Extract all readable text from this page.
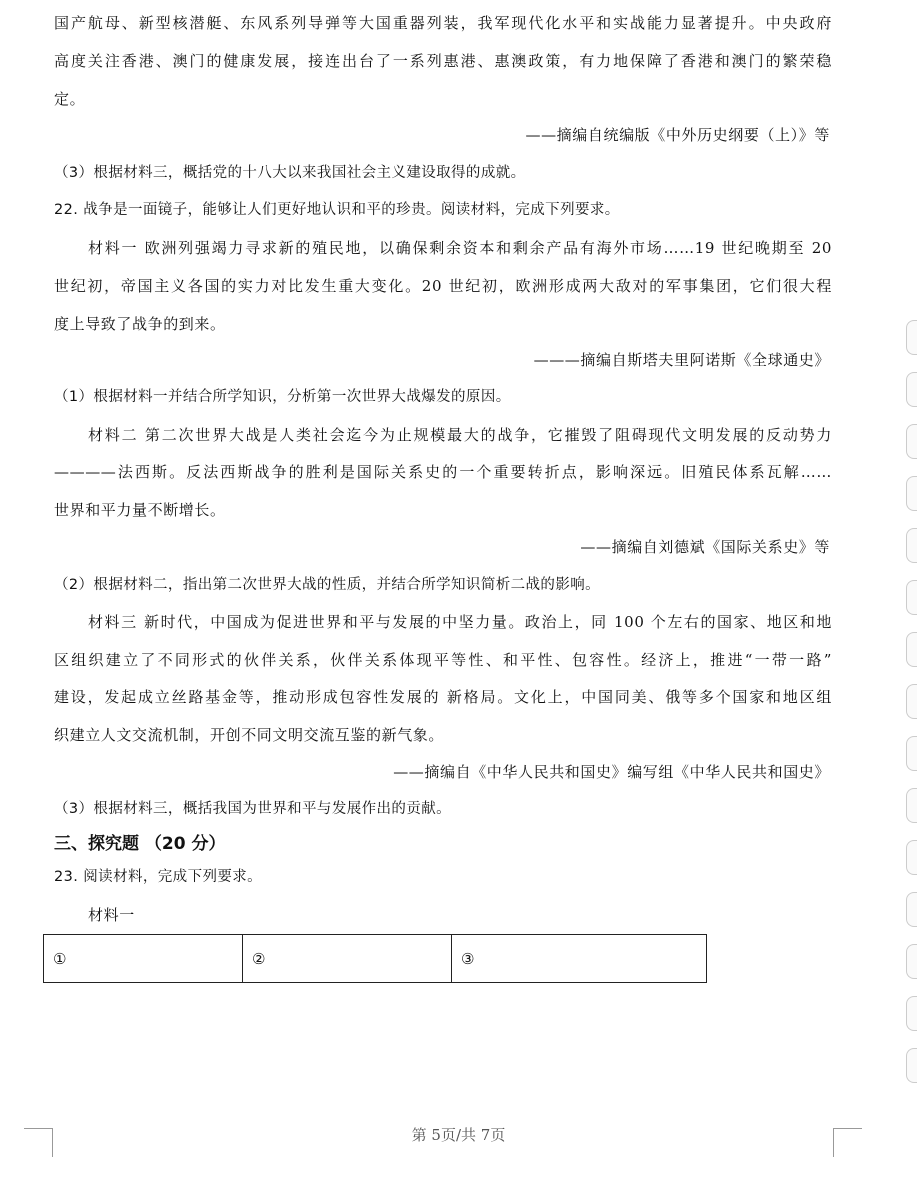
国产航母、新型核潜艇、东风系列导弹等大国重器列装，我军现代化水平和实战能力显著提升。中央政府
高度关注香港、澳门的健康发展，接连出台了一系列惠港、惠澳政策，有力地保障了香港和澳门的繁荣稳
定。
——摘编自统编版《中外历史纲要（上）》等
（3）根据材料三，概括党的十八大以来我国社会主义建设取得的成就。
22. 战争是一面镜子，能够让人们更好地认识和平的珍贵。阅读材料，完成下列要求。
材料一 欧洲列强竭力寻求新的殖民地，以确保剩余资本和剩余产品有海外市场……19 世纪晚期至 20
世纪初，帝国主义各国的实力对比发生重大变化。20 世纪初，欧洲形成两大敌对的军事集团，它们很大程
度上导致了战争的到来。
———摘编自斯塔夫里阿诺斯《全球通史》
（1）根据材料一并结合所学知识，分析第一次世界大战爆发的原因。
材料二 第二次世界大战是人类社会迄今为止规模最大的战争，它摧毁了阻碍现代文明发展的反动势力
————法西斯。反法西斯战争的胜利是国际关系史的一个重要转折点，影响深远。旧殖民体系瓦解……
世界和平力量不断增长。
——摘编自刘德斌《国际关系史》等
（2）根据材料二，指出第二次世界大战的性质，并结合所学知识简析二战的影响。
材料三 新时代，中国成为促进世界和平与发展的中坚力量。政治上，同 100 个左右的国家、地区和地
区组织建立了不同形式的伙伴关系，伙伴关系体现平等性、和平性、包容性。经济上，推进“一带一路”
建设，发起成立丝路基金等，推动形成包容性发展的 新格局。文化上，中国同美、俄等多个国家和地区组
织建立人文交流机制，开创不同文明交流互鉴的新气象。
——摘编自《中华人民共和国史》编写组《中华人民共和国史》
（3）根据材料三，概括我国为世界和平与发展作出的贡献。
三、探究题 （20 分）
23. 阅读材料，完成下列要求。
材料一
①	②	③
第 5页/共 7页
